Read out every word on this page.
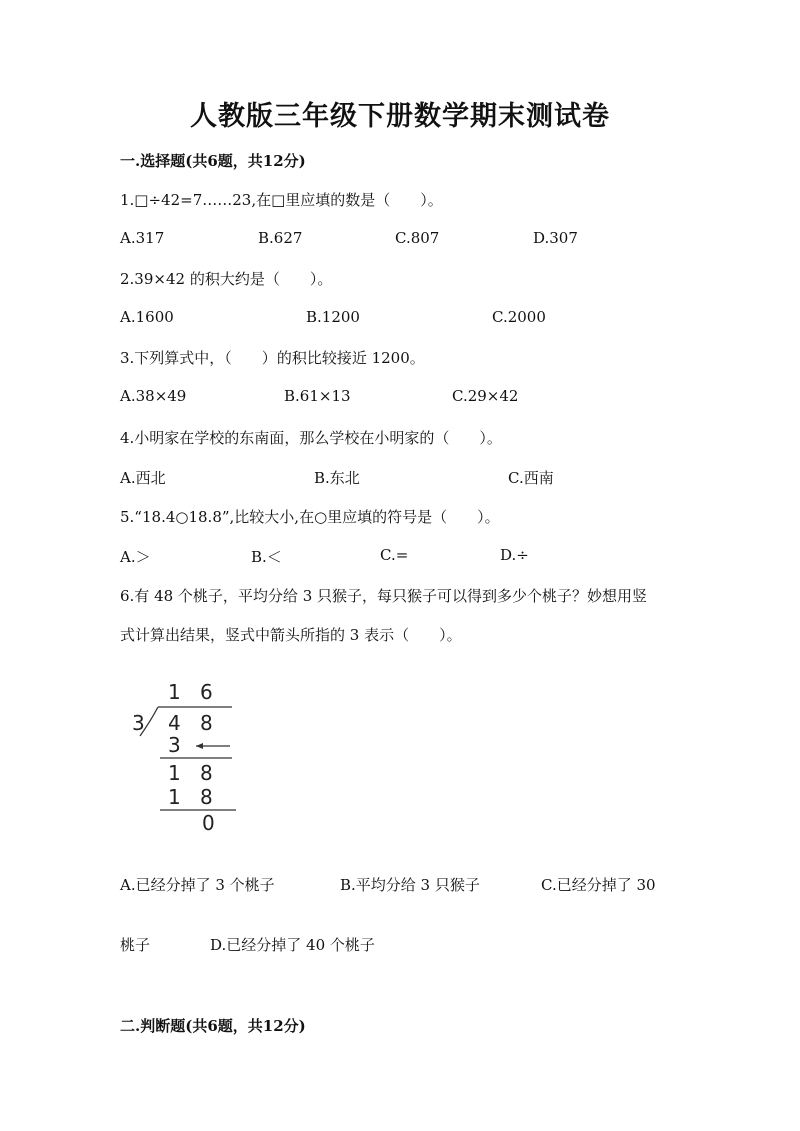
人教版三年级下册数学期末测试卷
一.选择题(共6题，共12分)
1.□÷42=7……23,在□里应填的数是（　　）。
A.317	B.627	C.807	D.307
2.39×42 的积大约是（　　）。
A.1600	B.1200	C.2000
3.下列算式中，（　　）的积比较接近 1200。
A.38×49	B.61×13	C.29×42
4.小明家在学校的东南面，那么学校在小明家的（　　）。
A.西北	B.东北	C.西南
5.“18.4○18.8”,比较大小,在○里应填的符号是（　　）。
A.＞	B.＜	C.=	D.÷
6.有 48 个桃子，平均分给 3 只猴子，每只猴子可以得到多少个桃子？妙想用竖
式计算出结果，竖式中箭头所指的 3 表示（　　）。
1 6
3 4 8
3
1 8
1 8
0
A.已经分掉了 3 个桃子	B.平均分给 3 只猴子	C.已经分掉了 30
桃子	D.已经分掉了 40 个桃子
二.判断题(共6题，共12分)
